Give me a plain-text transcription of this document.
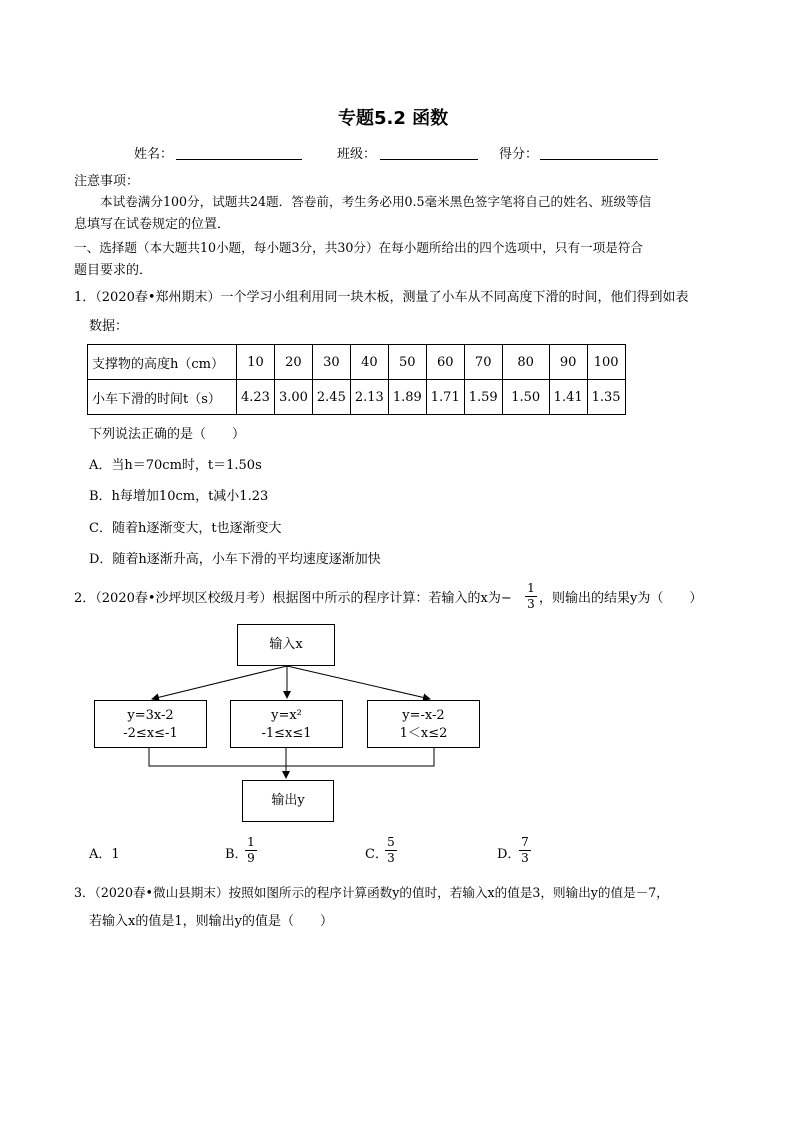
专题5.2 函数
姓名：	班级：	得分：
注意事项：
本试卷满分100分，试题共24题．答卷前，考生务必用0.5毫米黑色签字笔将自己的姓名、班级等信
息填写在试卷规定的位置．
一、选择题（本大题共10小题，每小题3分，共30分）在每小题所给出的四个选项中，只有一项是符合
题目要求的．
1．（2020春•郑州期末）一个学习小组利用同一块木板，测量了小车从不同高度下滑的时间，他们得到如表
数据：
支撑物的高度h（cm）	10	20	30	40	50	60	70	80	90	100
小车下滑的时间t（s）	4.23	3.00	2.45	2.13	1.89	1.71	1.59	1.50	1.41	1.35
下列说法正确的是（　　）
A．当h＝70cm时，t＝1.50s
B．h每增加10cm，t减小1.23
C．随着h逐渐变大，t也逐渐变大
D．随着h逐渐升高，小车下滑的平均速度逐渐加快
2．（2020春•沙坪坝区校级月考）根据图中所示的程序计算：若输入的x为−
1
3 ，则输出的结果y为（　　）
输入x
y=3x-2
-2≤x≤-1
y=x²
-1≤x≤1
y=-x-2
1＜x≤2
输出y
A．1	B．
1
9	C．
5
3	D．
7
3
3．（2020春•微山县期末）按照如图所示的程序计算函数y的值时，若输入x的值是3，则输出y的值是－7，
若输入x的值是1，则输出y的值是（　　）
